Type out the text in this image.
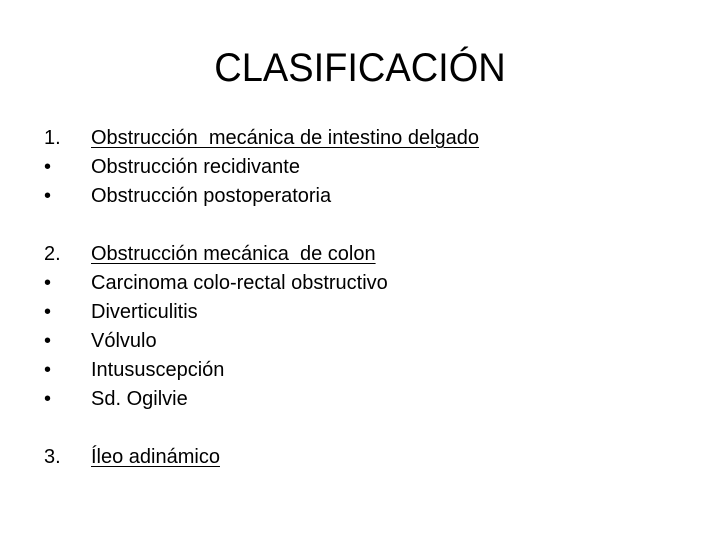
CLASIFICACIÓN

1.

Obstrucción  mecánica de intestino delgado

•

Obstrucción recidivante

•

Obstrucción postoperatoria

2.

Obstrucción mecánica  de colon

•

Carcinoma colo-rectal obstructivo

•

Diverticulitis

•

Vólvulo

•

Intususcepción

•

Sd. Ogilvie

3.

Íleo adinámico
